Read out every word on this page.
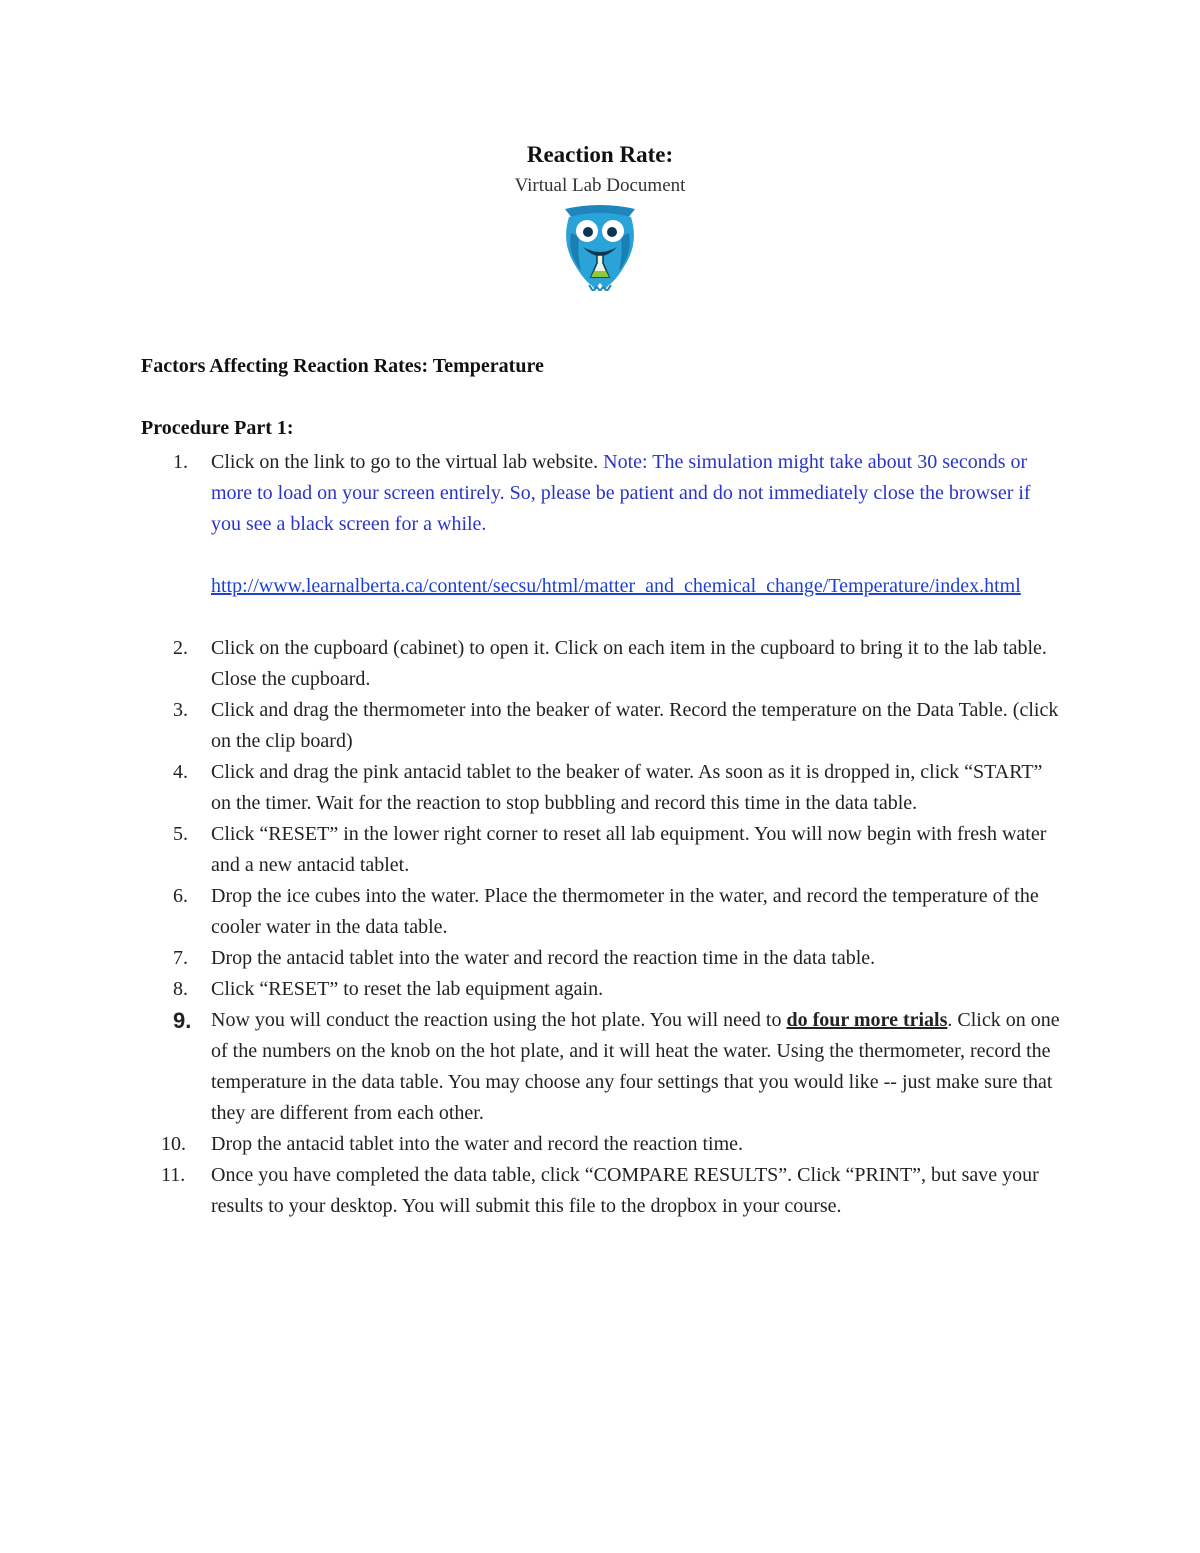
Reaction Rate:
Virtual Lab Document
Factors Affecting Reaction Rates: Temperature
Procedure Part 1:
1.	Click on the link to go to the virtual lab website. Note: The simulation might take about 30 seconds or more to load on your screen entirely. So, please be patient and do not immediately close the browser if you see a black screen for a while.
http://www.learnalberta.ca/content/secsu/html/matter_and_chemical_change/Temperature/index.html
2.	Click on the cupboard (cabinet) to open it. Click on each item in the cupboard to bring it to the lab table. Close the cupboard.
3.	Click and drag the thermometer into the beaker of water. Record the temperature on the Data Table. (click on the clip board)
4.	Click and drag the pink antacid tablet to the beaker of water. As soon as it is dropped in, click “START” on the timer. Wait for the reaction to stop bubbling and record this time in the data table.
5.	Click “RESET” in the lower right corner to reset all lab equipment. You will now begin with fresh water and a new antacid tablet.
6.	Drop the ice cubes into the water. Place the thermometer in the water, and record the temperature of the cooler water in the data table.
7.	Drop the antacid tablet into the water and record the reaction time in the data table.
8.	Click “RESET” to reset the lab equipment again.
9. Now you will conduct the reaction using the hot plate. You will need to do four more trials. Click on one of the numbers on the knob on the hot plate, and it will heat the water. Using the thermometer, record the temperature in the data table. You may choose any four settings that you would like -- just make sure that they are different from each other.
10. Drop the antacid tablet into the water and record the reaction time.
11. Once you have completed the data table, click “COMPARE RESULTS”. Click “PRINT”, but save your results to your desktop. You will submit this file to the dropbox in your course.
